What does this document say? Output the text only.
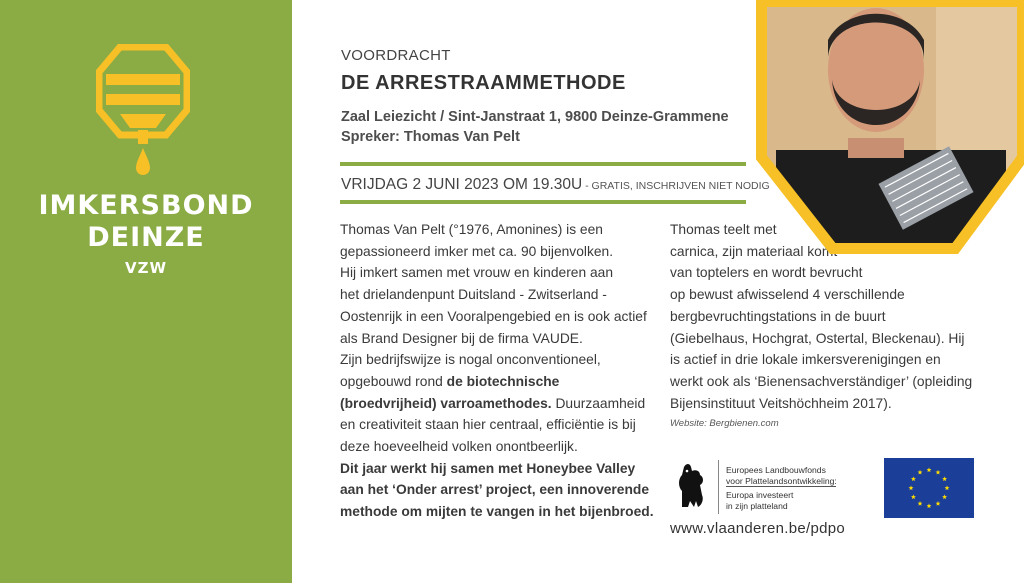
IMKERSBOND
DEINZE
VZW
VOORDRACHT
DE ARRESTRAAMMETHODE
Zaal Leiezicht / Sint-Janstraat 1, 9800 Deinze-Grammene
Spreker: Thomas Van Pelt
VRIJDAG 2 JUNI 2023 OM 19.30U - GRATIS, INSCHRIJVEN NIET NODIG
Thomas Van Pelt (°1976, Amonines) is een
gepassioneerd imker met ca. 90 bijenvolken.
Hij imkert samen met vrouw en kinderen aan
het drielandenpunt Duitsland - Zwitserland -
Oostenrijk in een Vooralpengebied en is ook actief
als Brand Designer bij de firma VAUDE.
Zijn bedrijfswijze is nogal onconventioneel,
opgebouwd rond de biotechnische
(broedvrijheid) varroamethodes. Duurzaamheid
en creativiteit staan hier centraal, efficiëntie is bij
deze hoeveelheid volken onontbeerlijk.
Dit jaar werkt hij samen met Honeybee Valley
aan het ‘Onder arrest’ project, een innoverende
methode om mijten te vangen in het bijenbroed.
Thomas teelt met
carnica, zijn materiaal komt
van toptelers en wordt bevrucht
op bewust afwisselend 4 verschillende
bergbevruchtingstations in de buurt
(Giebelhaus, Hochgrat, Ostertal, Bleckenau). Hij
is actief in drie lokale imkersverenigingen en
werkt ook als ‘Bienensachverständiger’ (opleiding
Bijensinstituut Veitshöchheim 2017).
Website: Bergbienen.com
Europees Landbouwfonds
voor Plattelandsontwikkeling:
Europa investeert
in zijn platteland
www.vlaanderen.be/pdpo
